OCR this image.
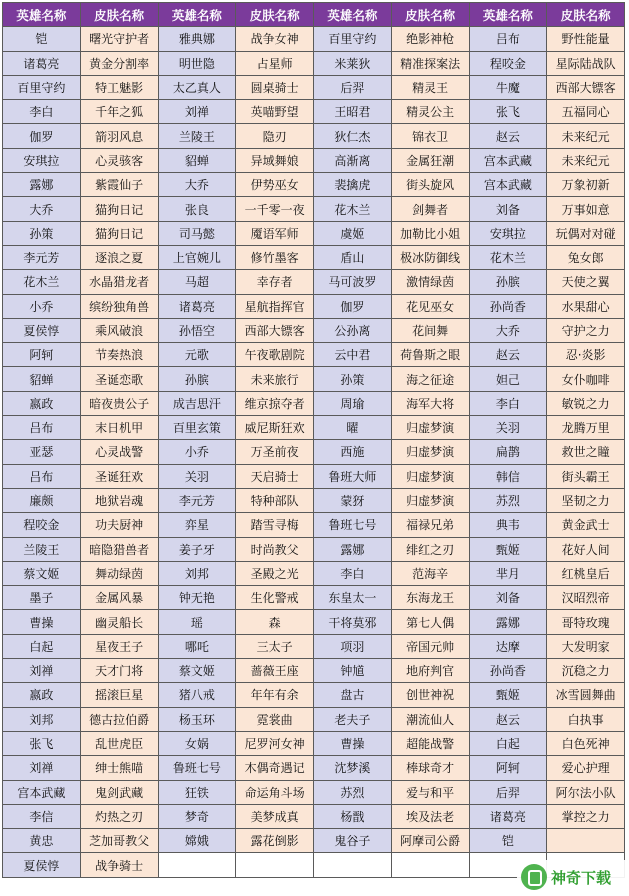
英雄名称	皮肤名称	英雄名称	皮肤名称	英雄名称	皮肤名称	英雄名称	皮肤名称
铠	曙光守护者	雅典娜	战争女神	百里守约	绝影神枪	吕布	野性能量
诸葛亮	黄金分割率	明世隐	占星师	米莱狄	精准探案法	程咬金	星际陆战队
百里守约	特工魅影	太乙真人	圆桌骑士	后羿	精灵王	牛魔	西部大镖客
李白	千年之狐	刘禅	英喵野望	王昭君	精灵公主	张飞	五福同心
伽罗	箭羽风息	兰陵王	隐刃	狄仁杰	锦衣卫	赵云	未来纪元
安琪拉	心灵骇客	貂蝉	异域舞娘	高渐离	金属狂潮	宫本武藏	未来纪元
露娜	紫霞仙子	大乔	伊势巫女	裴擒虎	街头旋风	宫本武藏	万象初新
大乔	猫狗日记	张良	一千零一夜	花木兰	剑舞者	刘备	万事如意
孙策	猫狗日记	司马懿	魇语军师	虞姬	加勒比小姐	安琪拉	玩偶对对碰
李元芳	逐浪之夏	上官婉儿	修竹墨客	盾山	极冰防御线	花木兰	兔女郎
花木兰	水晶猎龙者	马超	幸存者	马可波罗	激情绿茵	孙膑	天使之翼
小乔	缤纷独角兽	诸葛亮	星航指挥官	伽罗	花见巫女	孙尚香	水果甜心
夏侯惇	乘风破浪	孙悟空	西部大镖客	公孙离	花间舞	大乔	守护之力
阿轲	节奏热浪	元歌	午夜歌剧院	云中君	荷鲁斯之眼	赵云	忍·炎影
貂蝉	圣诞恋歌	孙膑	未来旅行	孙策	海之征途	妲己	女仆咖啡
嬴政	暗夜贵公子	成吉思汗	维京掠夺者	周瑜	海军大将	李白	敏锐之力
吕布	末日机甲	百里玄策	威尼斯狂欢	曜	归虚梦演	关羽	龙腾万里
亚瑟	心灵战警	小乔	万圣前夜	西施	归虚梦演	扁鹊	救世之瞳
吕布	圣诞狂欢	关羽	天启骑士	鲁班大师	归虚梦演	韩信	街头霸王
廉颇	地狱岩魂	李元芳	特种部队	蒙犽	归虚梦演	苏烈	坚韧之力
程咬金	功夫厨神	弈星	踏雪寻梅	鲁班七号	福禄兄弟	典韦	黄金武士
兰陵王	暗隐猎兽者	姜子牙	时尚教父	露娜	绯红之刃	甄姬	花好人间
蔡文姬	舞动绿茵	刘邦	圣殿之光	李白	范海辛	芈月	红桃皇后
墨子	金属风暴	钟无艳	生化警戒	东皇太一	东海龙王	刘备	汉昭烈帝
曹操	幽灵船长	瑶	森	干将莫邪	第七人偶	露娜	哥特玫瑰
白起	星夜王子	哪吒	三太子	项羽	帝国元帅	达摩	大发明家
刘禅	天才门将	蔡文姬	蔷薇王座	钟馗	地府判官	孙尚香	沉稳之力
嬴政	摇滚巨星	猪八戒	年年有余	盘古	创世神祝	甄姬	冰雪圆舞曲
刘邦	德古拉伯爵	杨玉环	霓裳曲	老夫子	潮流仙人	赵云	白执事
张飞	乱世虎臣	女娲	尼罗河女神	曹操	超能战警	白起	白色死神
刘禅	绅士熊喵	鲁班七号	木偶奇遇记	沈梦溪	棒球奇才	阿轲	爱心护理
宫本武藏	鬼剑武藏	狂铁	命运角斗场	苏烈	爱与和平	后羿	阿尔法小队
李信	灼热之刃	梦奇	美梦成真	杨戬	埃及法老	诸葛亮	掌控之力
黄忠	芝加哥教父	嫦娥	露花倒影	鬼谷子	阿摩司公爵	铠	
夏侯惇	战争骑士						
神奇下载
